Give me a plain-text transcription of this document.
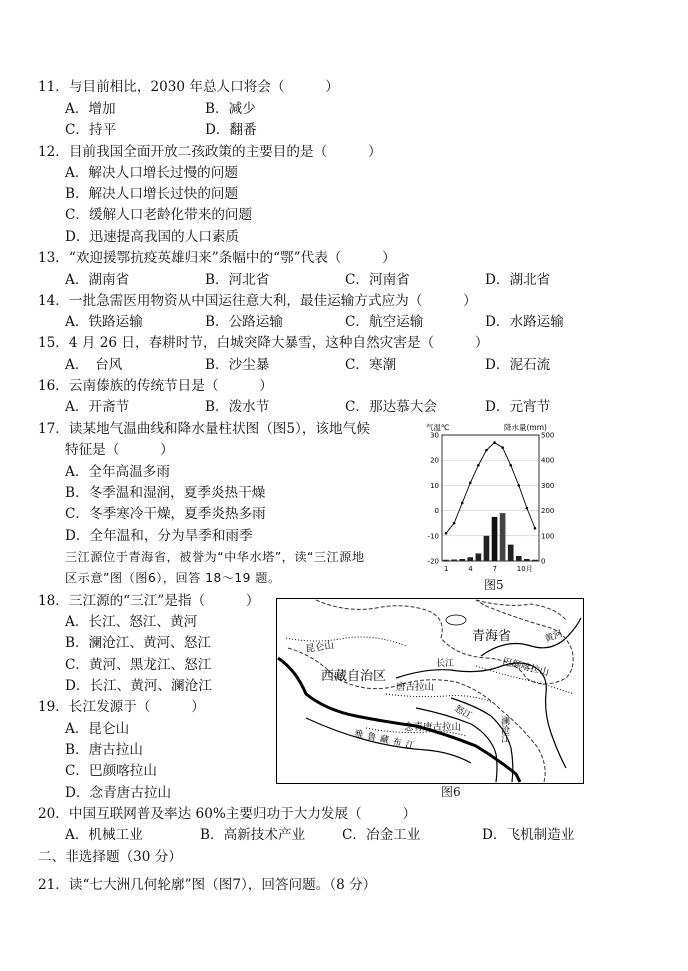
11．与目前相比，2030 年总人口将会（　　　）
A．增加	B．减少
C．持平	D．翻番
12．目前我国全面开放二孩政策的主要目的是（　　　）
A．解决人口增长过慢的问题
B．解决人口增长过快的问题
C．缓解人口老龄化带来的问题
D．迅速提高我国的人口素质
13．“欢迎援鄂抗疫英雄归来”条幅中的“鄂”代表（　　　）
A．湖南省	B．河北省	C．河南省	D．湖北省
14．一批急需医用物资从中国运往意大利，最佳运输方式应为（　　　）
A．铁路运输	B．公路运输	C．航空运输	D．水路运输
15．4 月 26 日，春耕时节，白城突降大暴雪，这种自然灾害是（　　　）
A．　台风	B．沙尘暴	C．寒潮	D．泥石流
16．云南傣族的传统节日是（　　　）
A．开斋节	B．泼水节	C．那达慕大会	D．元宵节
17．读某地气温曲线和降水量柱状图（图5），该地气候
特征是（　　　）
A．全年高温多雨
B．冬季温和湿润，夏季炎热干燥
C．冬季寒冷干燥，夏季炎热多雨
D．全年温和，分为旱季和雨季
三江源位于青海省，被誉为“中华水塔”，读“三江源地
区示意”图（图6），回答 18～19 题。
气温℃	降水量(mm)
30	500
20	400
10	300
0	200
-10	100
-20	0
1	4	7	10月
图5
18．三江源的“三江”是指（　　　）
A．长江、怒江、黄河
B．澜沧江、黄河、怒江
C．黄河、黑龙江、怒江
D．长江、黄河、澜沧江
19．长江发源于（　　　）
A．昆仑山
B．唐古拉山
C．巴颜喀拉山
D．念青唐古拉山
青海省
西藏自治区
昆仑山
巴颜喀拉山
唐古拉山
念青唐古拉山
长江
黄河
怒江
澜沧江
雅鲁藏布江
图6
20．中国互联网普及率达 60%主要归功于大力发展（　　　）
A．机械工业	B．高新技术产业	C．冶金工业	D．飞机制造业
二、非选择题（30 分）
21．读“七大洲几何轮廓”图（图7），回答问题。（8 分）
